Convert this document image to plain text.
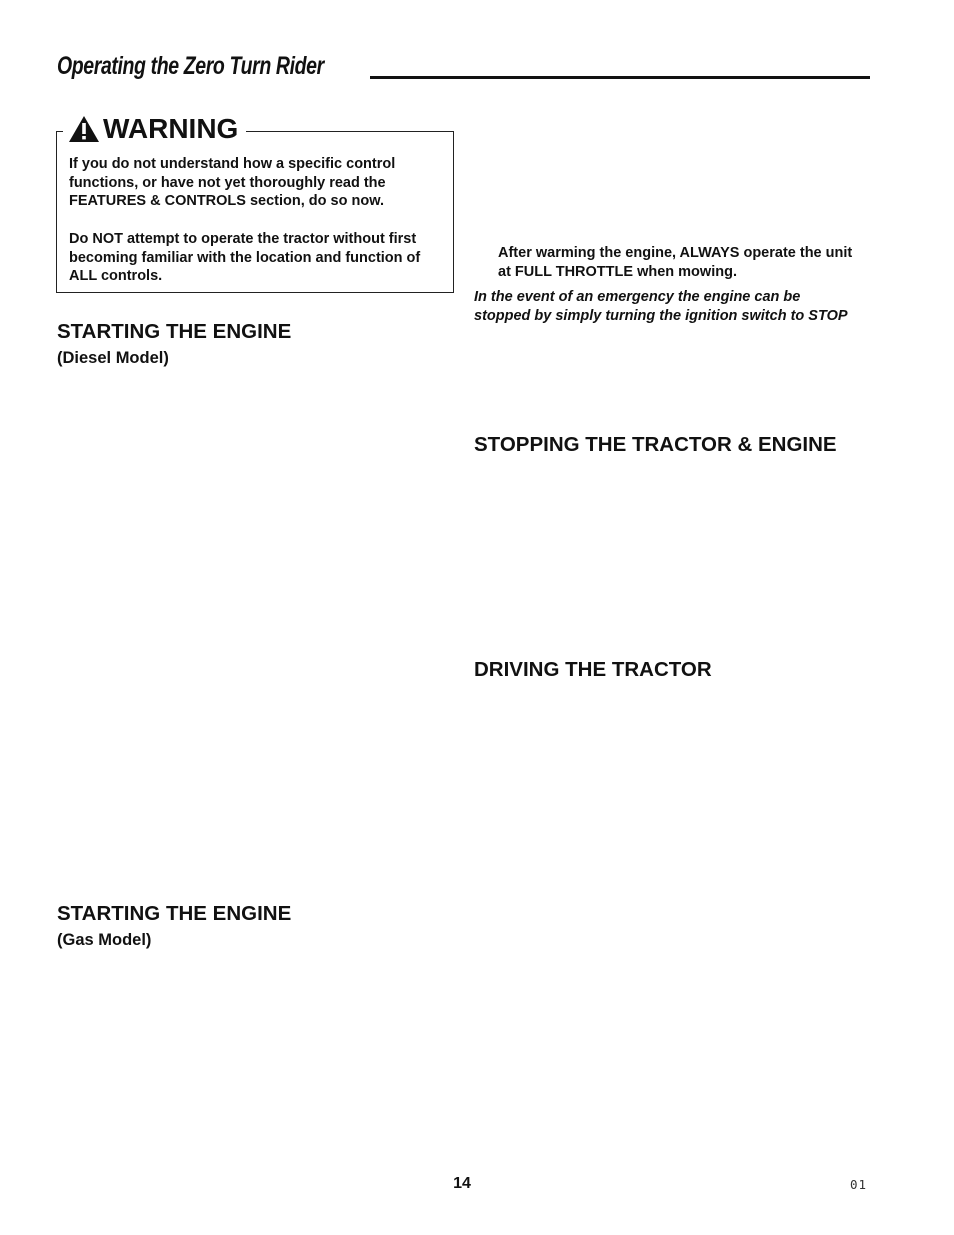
Operating the Zero Turn Rider
WARNING
If you do not understand how a specific control functions, or have not yet thoroughly read the FEATURES & CONTROLS section, do so now.
Do NOT attempt to operate the tractor without first becoming familiar with the location and function of ALL controls.
STARTING THE ENGINE
(Diesel Model)
STARTING THE ENGINE
(Gas Model)
After warming the engine, ALWAYS operate the unit at FULL THROTTLE when mowing.
In the event of an emergency the engine can be stopped by simply turning the ignition switch to STOP
STOPPING THE TRACTOR & ENGINE
DRIVING THE TRACTOR
14	01
